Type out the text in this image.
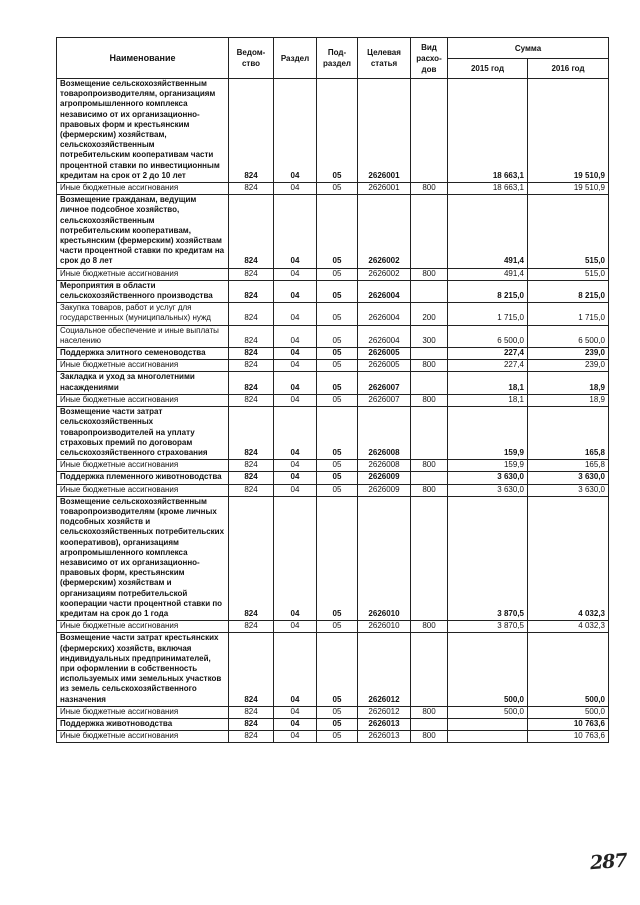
Наименование	Ведом-ство	Раздел	Под-раздел	Целевая статья	Вид расхо-дов	Сумма	
						2015 год	2016 год
Возмещение сельскохозяйственным товаропроизводителям, организациям агропромышленного комплекса независимо от их организационно-правовых форм и крестьянским (фермерским) хозяйствам, сельскохозяйственным потребительским кооперативам части процентной ставки по инвестиционным кредитам на срок от 2 до 10 лет	824	04	05	2626001		18 663,1	19 510,9
Иные бюджетные ассигнования	824	04	05	2626001	800	18 663,1	19 510,9
Возмещение гражданам, ведущим личное подсобное хозяйство, сельскохозяйственным потребительским кооперативам, крестьянским (фермерским) хозяйствам части процентной ставки по кредитам на срок до 8 лет	824	04	05	2626002		491,4	515,0
Иные бюджетные ассигнования	824	04	05	2626002	800	491,4	515,0
Мероприятия в области сельскохозяйственного производства	824	04	05	2626004		8 215,0	8 215,0
Закупка товаров, работ и услуг для государственных (муниципальных) нужд	824	04	05	2626004	200	1 715,0	1 715,0
Социальное обеспечение и иные выплаты населению	824	04	05	2626004	300	6 500,0	6 500,0
Поддержка элитного семеноводства	824	04	05	2626005		227,4	239,0
Иные бюджетные ассигнования	824	04	05	2626005	800	227,4	239,0
Закладка и уход за многолетними насаждениями	824	04	05	2626007		18,1	18,9
Иные бюджетные ассигнования	824	04	05	2626007	800	18,1	18,9
Возмещение части затрат сельскохозяйственных товаропроизводителей на уплату страховых премий по договорам сельскохозяйственного страхования	824	04	05	2626008		159,9	165,8
Иные бюджетные ассигнования	824	04	05	2626008	800	159,9	165,8
Поддержка племенного животноводства	824	04	05	2626009		3 630,0	3 630,0
Иные бюджетные ассигнования	824	04	05	2626009	800	3 630,0	3 630,0
Возмещение сельскохозяйственным товаропроизводителям (кроме личных подсобных хозяйств и сельскохозяйственных потребительских кооперативов), организациям агропромышленного комплекса независимо от их организационно-правовых форм, крестьянским (фермерским) хозяйствам и организациям потребительской кооперации части процентной ставки по кредитам на срок до 1 года	824	04	05	2626010		3 870,5	4 032,3
Иные бюджетные ассигнования	824	04	05	2626010	800	3 870,5	4 032,3
Возмещение части затрат крестьянских (фермерских) хозяйств, включая индивидуальных предпринимателей, при оформлении в собственность используемых ими земельных участков из земель сельскохозяйственного назначения	824	04	05	2626012		500,0	500,0
Иные бюджетные ассигнования	824	04	05	2626012	800	500,0	500,0
Поддержка животноводства	824	04	05	2626013			10 763,6
Иные бюджетные ассигнования	824	04	05	2626013	800		10 763,6
287
